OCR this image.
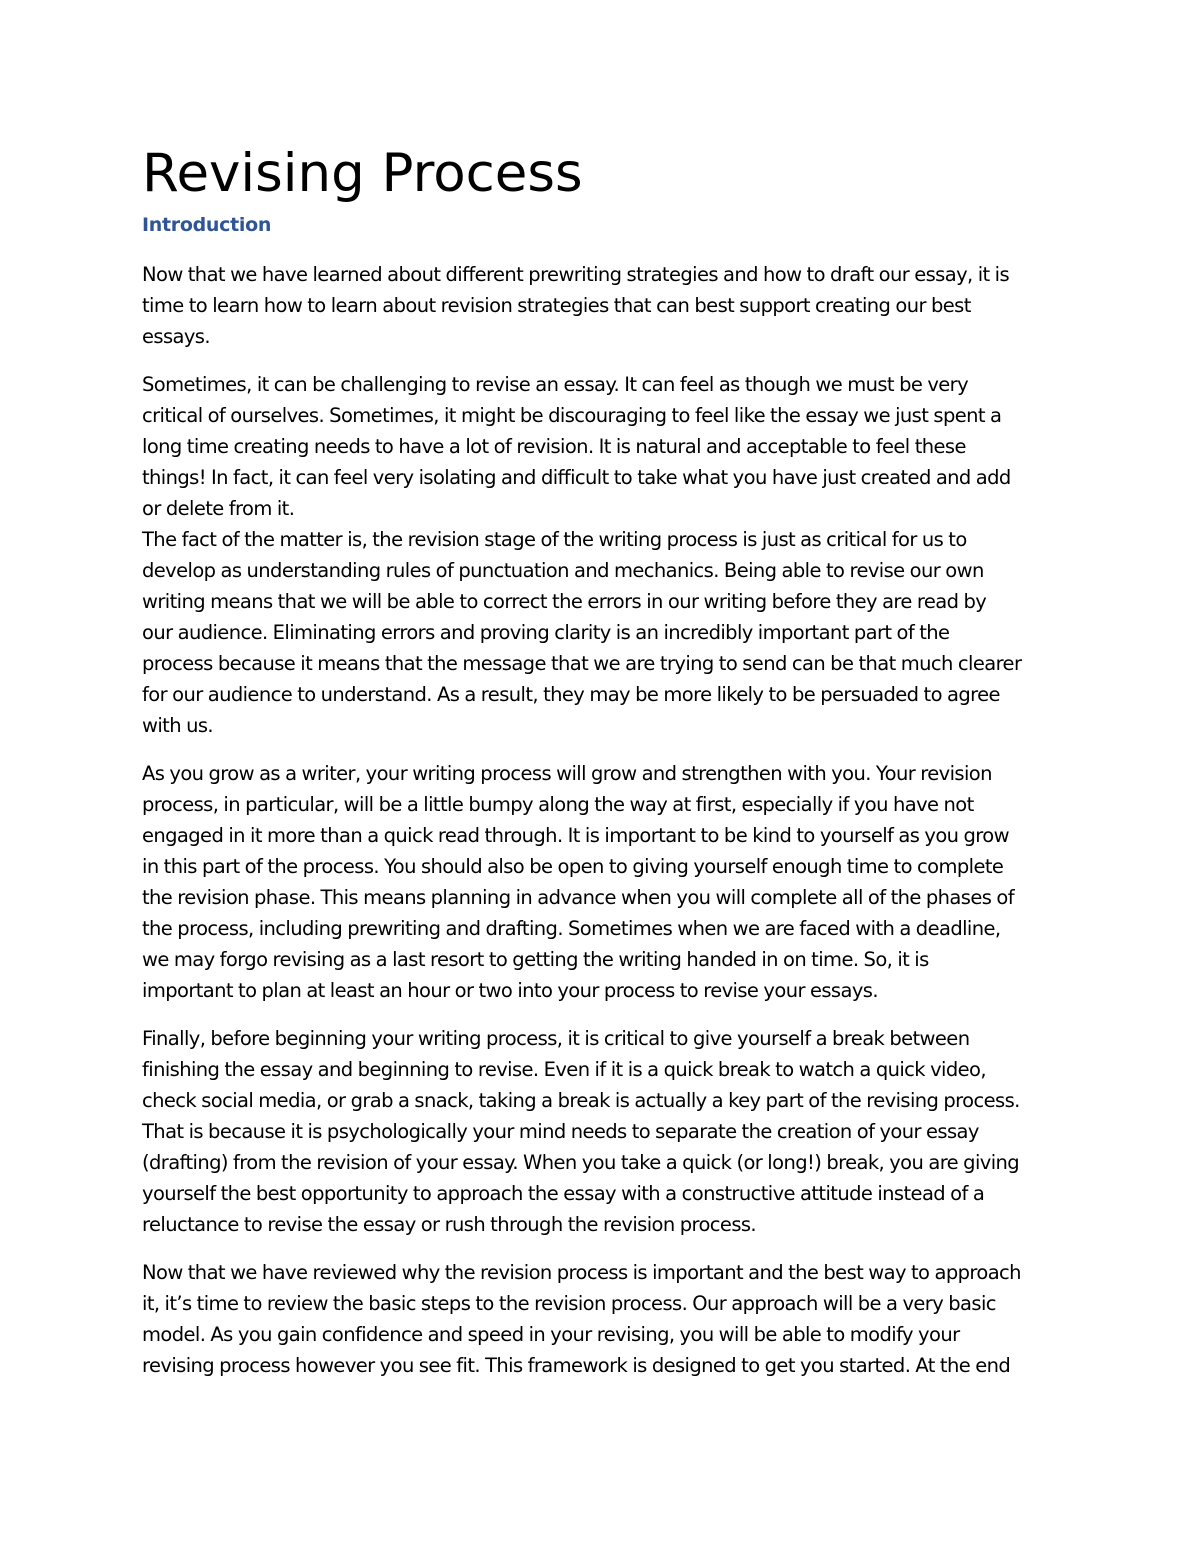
Revising Process
Introduction

Now that we have learned about different prewriting strategies and how to draft our essay, it is
time to learn how to learn about revision strategies that can best support creating our best
essays.

Sometimes, it can be challenging to revise an essay. It can feel as though we must be very
critical of ourselves. Sometimes, it might be discouraging to feel like the essay we just spent a
long time creating needs to have a lot of revision. It is natural and acceptable to feel these
things! In fact, it can feel very isolating and difficult to take what you have just created and add
or delete from it.

The fact of the matter is, the revision stage of the writing process is just as critical for us to
develop as understanding rules of punctuation and mechanics. Being able to revise our own
writing means that we will be able to correct the errors in our writing before they are read by
our audience. Eliminating errors and proving clarity is an incredibly important part of the
process because it means that the message that we are trying to send can be that much clearer
for our audience to understand. As a result, they may be more likely to be persuaded to agree
with us.

As you grow as a writer, your writing process will grow and strengthen with you. Your revision
process, in particular, will be a little bumpy along the way at first, especially if you have not
engaged in it more than a quick read through. It is important to be kind to yourself as you grow
in this part of the process. You should also be open to giving yourself enough time to complete
the revision phase. This means planning in advance when you will complete all of the phases of
the process, including prewriting and drafting. Sometimes when we are faced with a deadline,
we may forgo revising as a last resort to getting the writing handed in on time. So, it is
important to plan at least an hour or two into your process to revise your essays.

Finally, before beginning your writing process, it is critical to give yourself a break between
finishing the essay and beginning to revise. Even if it is a quick break to watch a quick video,
check social media, or grab a snack, taking a break is actually a key part of the revising process.
That is because it is psychologically your mind needs to separate the creation of your essay
(drafting) from the revision of your essay. When you take a quick (or long!) break, you are giving
yourself the best opportunity to approach the essay with a constructive attitude instead of a
reluctance to revise the essay or rush through the revision process.

Now that we have reviewed why the revision process is important and the best way to approach
it, it’s time to review the basic steps to the revision process. Our approach will be a very basic
model. As you gain confidence and speed in your revising, you will be able to modify your
revising process however you see fit. This framework is designed to get you started. At the end
